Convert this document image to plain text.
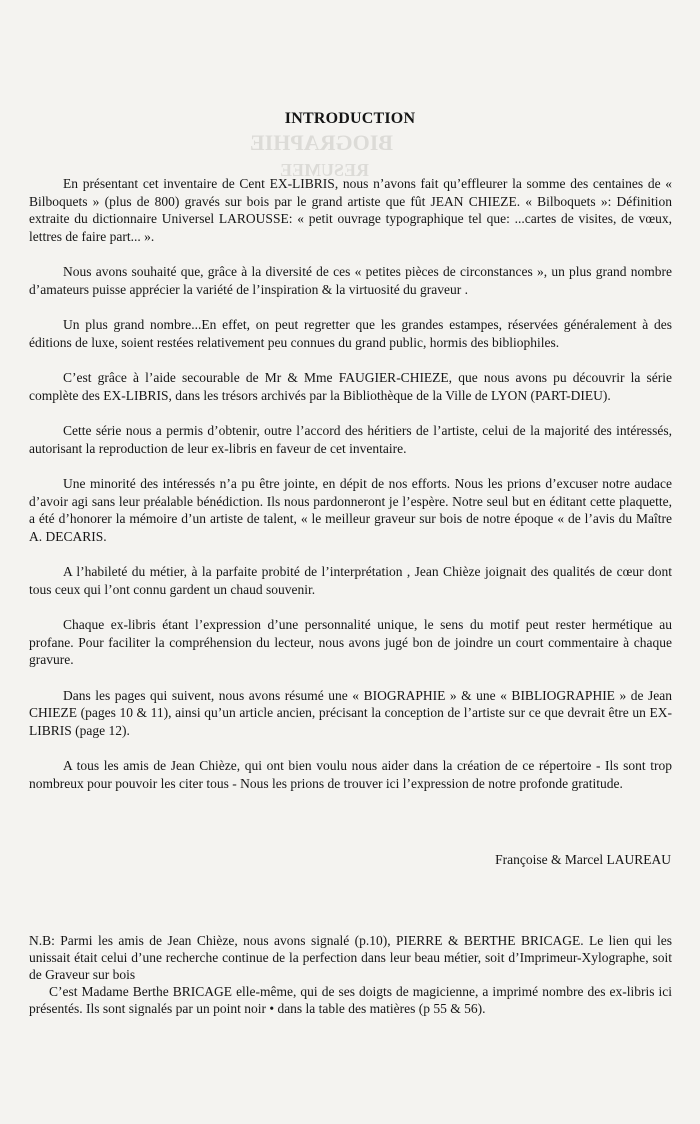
BIOGRAPHIE
RESUMEE
INTRODUCTION

En présentant cet inventaire de Cent EX-LIBRIS, nous n’avons fait qu’effleurer la somme des centaines de « Bilboquets » (plus de 800) gravés sur bois par le grand artiste que fût JEAN CHIEZE. « Bilboquets »: Définition extraite du dictionnaire Universel LAROUSSE: « petit ouvrage typographique tel que: ...cartes de visites, de vœux, lettres de faire part... ».

Nous avons souhaité que, grâce à la diversité de ces « petites pièces de circonstances », un plus grand nombre d’amateurs puisse apprécier la variété de l’inspiration & la virtuosité du graveur .

Un plus grand nombre...En effet, on peut regretter que les grandes estampes, réservées généralement à des éditions de luxe, soient restées relativement peu connues du grand public, hormis des bibliophiles.

C’est grâce à l’aide secourable de Mr & Mme FAUGIER-CHIEZE, que nous avons pu découvrir la série complète des EX-LIBRIS, dans les trésors archivés par la Bibliothèque de la Ville de LYON (PART-DIEU).

Cette série nous a permis d’obtenir, outre l’accord des héritiers de l’artiste, celui de la majorité des intéressés, autorisant la reproduction de leur ex-libris en faveur de cet inventaire.

Une minorité des intéressés n’a pu être jointe, en dépit de nos efforts. Nous les prions d’excuser notre audace d’avoir agi sans leur préalable bénédiction. Ils nous pardonneront je l’espère. Notre seul but en éditant cette plaquette, a été d’honorer la mémoire d’un artiste de talent, « le meilleur graveur sur bois de notre époque « de l’avis du Maître A. DECARIS.

A l’habileté du métier, à la parfaite probité de l’interprétation , Jean Chièze joignait des qualités de cœur dont tous ceux qui l’ont connu gardent un chaud souvenir.

Chaque ex-libris étant l’expression d’une personnalité unique, le sens du motif peut rester hermétique au profane. Pour faciliter la compréhension du lecteur, nous avons jugé bon de joindre un court commentaire à chaque gravure.

Dans les pages qui suivent, nous avons résumé une « BIOGRAPHIE » & une « BIBLIOGRAPHIE » de Jean CHIEZE (pages 10 & 11), ainsi qu’un article ancien, précisant la conception de l’artiste sur ce que devrait être un EX-LIBRIS (page 12).

A tous les amis de Jean Chièze, qui ont bien voulu nous aider dans la création de ce répertoire - Ils sont trop nombreux pour pouvoir les citer tous - Nous les prions de trouver ici l’expression de notre profonde gratitude.

Françoise & Marcel LAUREAU

N.B: Parmi les amis de Jean Chièze, nous avons signalé (p.10), PIERRE & BERTHE BRICAGE. Le lien qui les unissait était celui d’une recherche continue de la perfection dans leur beau métier, soit d’Imprimeur-Xylographe, soit de Graveur sur bois

C’est Madame Berthe BRICAGE elle-même, qui de ses doigts de magicienne, a imprimé nombre des ex-libris ici présentés. Ils sont signalés par un point noir • dans la table des matières (p 55 & 56).
